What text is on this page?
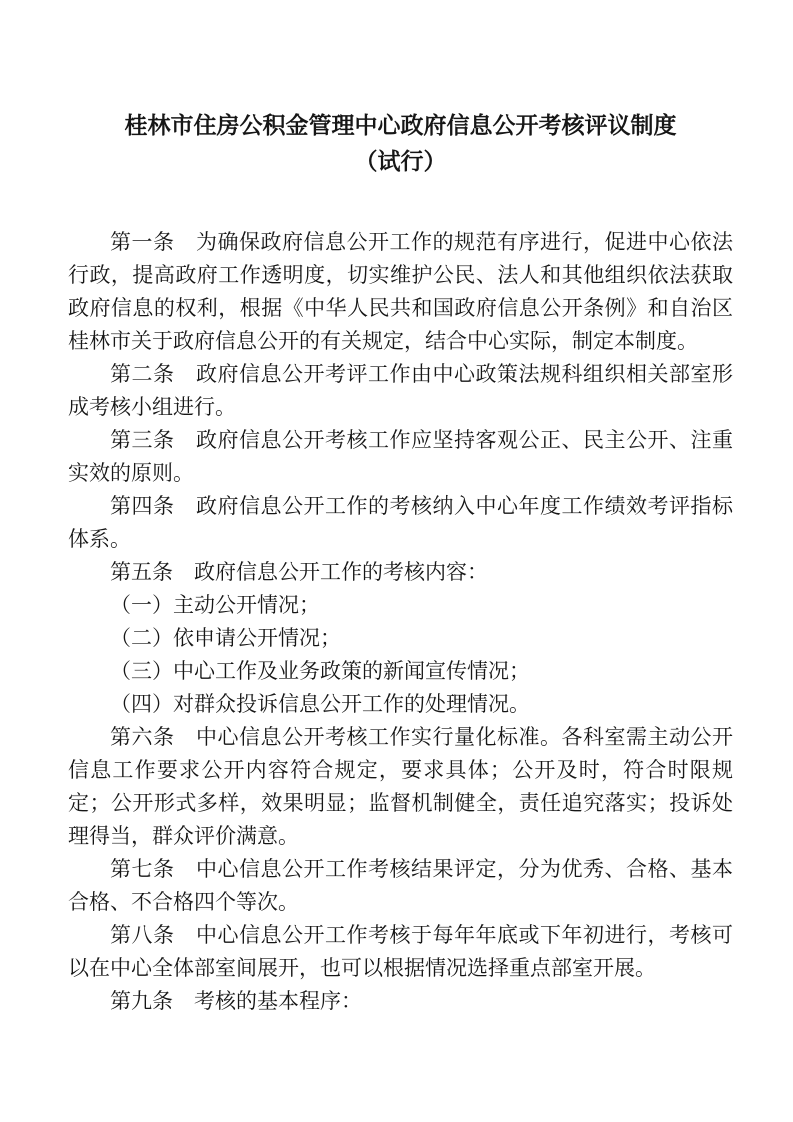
桂林市住房公积金管理中心政府信息公开考核评议制度
（试行）

第一条　为确保政府信息公开工作的规范有序进行，促进中心依法行政，提高政府工作透明度，切实维护公民、法人和其他组织依法获取政府信息的权利，根据《中华人民共和国政府信息公开条例》和自治区桂林市关于政府信息公开的有关规定，结合中心实际，制定本制度。

第二条　政府信息公开考评工作由中心政策法规科组织相关部室形成考核小组进行。

第三条　政府信息公开考核工作应坚持客观公正、民主公开、注重实效的原则。

第四条　政府信息公开工作的考核纳入中心年度工作绩效考评指标体系。

第五条　政府信息公开工作的考核内容：

（一）主动公开情况；

（二）依申请公开情况；

（三）中心工作及业务政策的新闻宣传情况；

（四）对群众投诉信息公开工作的处理情况。

第六条　中心信息公开考核工作实行量化标准。各科室需主动公开信息工作要求公开内容符合规定，要求具体；公开及时，符合时限规定；公开形式多样，效果明显；监督机制健全，责任追究落实；投诉处理得当，群众评价满意。

第七条　中心信息公开工作考核结果评定，分为优秀、合格、基本合格、不合格四个等次。

第八条　中心信息公开工作考核于每年年底或下年初进行，考核可以在中心全体部室间展开，也可以根据情况选择重点部室开展。

第九条　考核的基本程序：
